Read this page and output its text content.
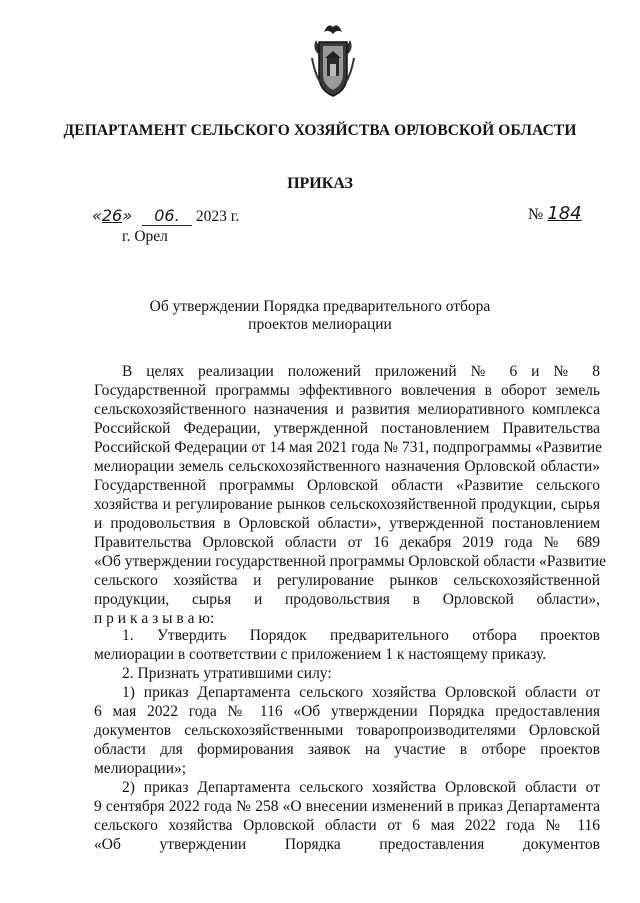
ДЕПАРТАМЕНТ СЕЛЬСКОГО ХОЗЯЙСТВА ОРЛОВСКОЙ ОБЛАСТИ
ПРИКАЗ
«26» 06. 2023 г.	№ 184
г. Орел
Об утверждении Порядка предварительного отбора
проектов мелиорации
В целях реализации положений приложений № 6 и № 8
Государственной программы эффективного вовлечения в оборот земель
сельскохозяйственного назначения и развития мелиоративного комплекса
Российской Федерации, утвержденной постановлением Правительства
Российской Федерации от 14 мая 2021 года № 731, подпрограммы «Развитие
мелиорации земель сельскохозяйственного назначения Орловской области»
Государственной программы Орловской области «Развитие сельского
хозяйства и регулирование рынков сельскохозяйственной продукции, сырья
и продовольствия в Орловской области», утвержденной постановлением
Правительства Орловской области от 16 декабря 2019 года № 689
«Об утверждении государственной программы Орловской области «Развитие
сельского хозяйства и регулирование рынков сельскохозяйственной
продукции, сырья и продовольствия в Орловской области»,
п р и к а з ы в а ю:
1. Утвердить Порядок предварительного отбора проектов
мелиорации в соответствии с приложением 1 к настоящему приказу.
2. Признать утратившими силу:
1) приказ Департамента сельского хозяйства Орловской области от
6 мая 2022 года № 116 «Об утверждении Порядка предоставления
документов сельскохозяйственными товаропроизводителями Орловской
области для формирования заявок на участие в отборе проектов
мелиорации»;
2) приказ Департамента сельского хозяйства Орловской области от
9 сентября 2022 года № 258 «О внесении изменений в приказ Департамента
сельского хозяйства Орловской области от 6 мая 2022 года № 116
«Об утверждении Порядка предоставления документов
